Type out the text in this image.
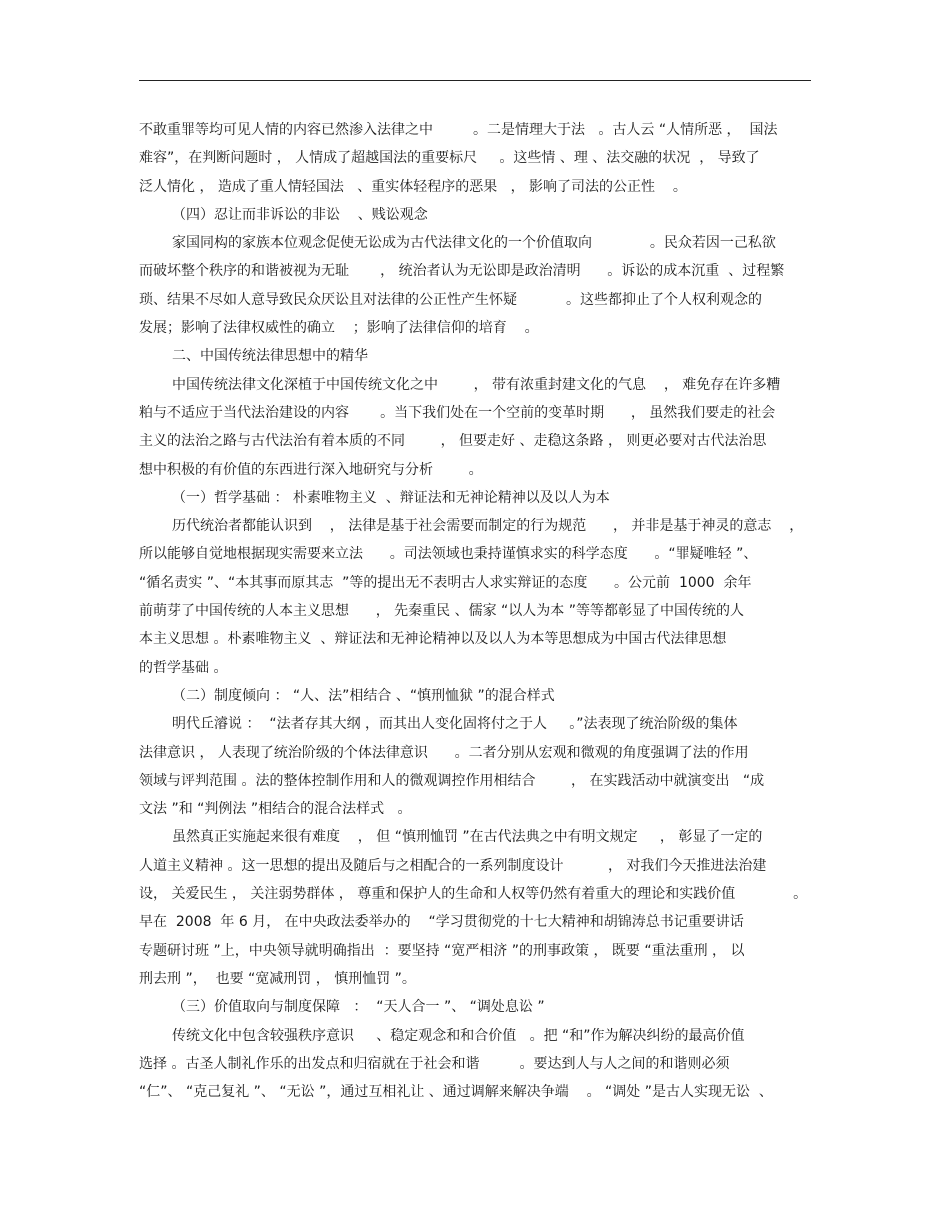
不敢重罪等均可见人情的内容已然渗入法律之中         。二是情理大于法   。古人云 “人情所恶 ，  国法
难容”，在判断问题时 ， 人情成了超越国法的重要标尺     。这些情 、理 、法交融的状况  ， 导致了
泛人情化 ， 造成了重人情轻国法   、重实体轻程序的恶果   ， 影响了司法的公正性    。
（四）忍让而非诉讼的非讼    、贱讼观念
家国同构的家族本位观念促使无讼成为古代法律文化的一个价值取向             。民众若因一己私欲
而破坏整个秩序的和谐被视为无耻       ， 统治者认为无讼即是政治清明      。诉讼的成本沉重  、过程繁
琐、结果不尽如人意导致民众厌讼且对法律的公正性产生怀疑           。这些都抑止了个人权利观念的
发展；影响了法律权威性的确立    ；影响了法律信仰的培育    。
二、中国传统法律思想中的精华
中国传统法律文化深植于中国传统文化之中        ， 带有浓重封建文化的气息    ， 难免存在许多糟
粕与不适应于当代法治建设的内容       。当下我们处在一个空前的变革时期      ， 虽然我们要走的社会
主义的法治之路与古代法治有着本质的不同        ， 但要走好 、走稳这条路 ， 则更必要对古代法治思
想中积极的有价值的东西进行深入地研究与分析        。
（一）哲学基础 ： 朴素唯物主义  、辩证法和无神论精神以及以人为本
历代统治者都能认识到    ， 法律是基于社会需要而制定的行为规范      ， 并非是基于神灵的意志    ，
所以能够自觉地根据现实需要来立法      。司法领域也秉持谨慎求实的科学态度      。“罪疑唯轻 ”、
“循名责实 ”、“本其事而原其志  ”等的提出无不表明古人求实辩证的态度      。公元前  1000  余年
前萌芽了中国传统的人本主义思想      ， 先秦重民 、儒家 “以人为本 ”等等都彰显了中国传统的人
本主义思想 。朴素唯物主义  、辩证法和无神论精神以及以人为本等思想成为中国古代法律思想
的哲学基础 。
（二）制度倾向 ： “人、法”相结合 、“慎刑恤狱 ”的混合样式
明代丘濬说 ：  “法者存其大纲 ，而其出人变化固将付之于人     。”法表现了统治阶级的集体
法律意识 ， 人表现了统治阶级的个体法律意识      。二者分别从宏观和微观的角度强调了法的作用
领域与评判范围 。法的整体控制作用和人的微观调控作用相结合        ， 在实践活动中就演变出   “成
文法 ”和 “判例法 ”相结合的混合法样式   。
虽然真正实施起来很有难度    ， 但 “慎刑恤罚 ”在古代法典之中有明文规定     ， 彰显了一定的
人道主义精神 。这一思想的提出及随后与之相配合的一系列制度设计          ， 对我们今天推进法治建
设， 关爱民生 ， 关注弱势群体 ， 尊重和保护人的生命和人权等仍然有着重大的理论和实践价值             。
早在  2008  年 6 月， 在中央政法委举办的    “学习贯彻党的十七大精神和胡锦涛总书记重要讲话
专题研讨班 ”上，中央领导就明确指出  ：要坚持 “宽严相济 ”的刑事政策 ， 既要 “重法重刑 ， 以
刑去刑 ”，  也要 “宽减刑罚 ， 慎刑恤罚 ”。
（三）价值取向与制度保障   ：  “天人合一 ”、 “调处息讼 ”
传统文化中包含较强秩序意识     、稳定观念和和合价值   。把 “和”作为解决纠纷的最高价值
选择 。古圣人制礼作乐的出发点和归宿就在于社会和谐         。要达到人与人之间的和谐则必须
“仁”、 “克己复礼 ”、 “无讼 ”，通过互相礼让 、通过调解来解决争端    。 “调处 ”是古人实现无讼  、
